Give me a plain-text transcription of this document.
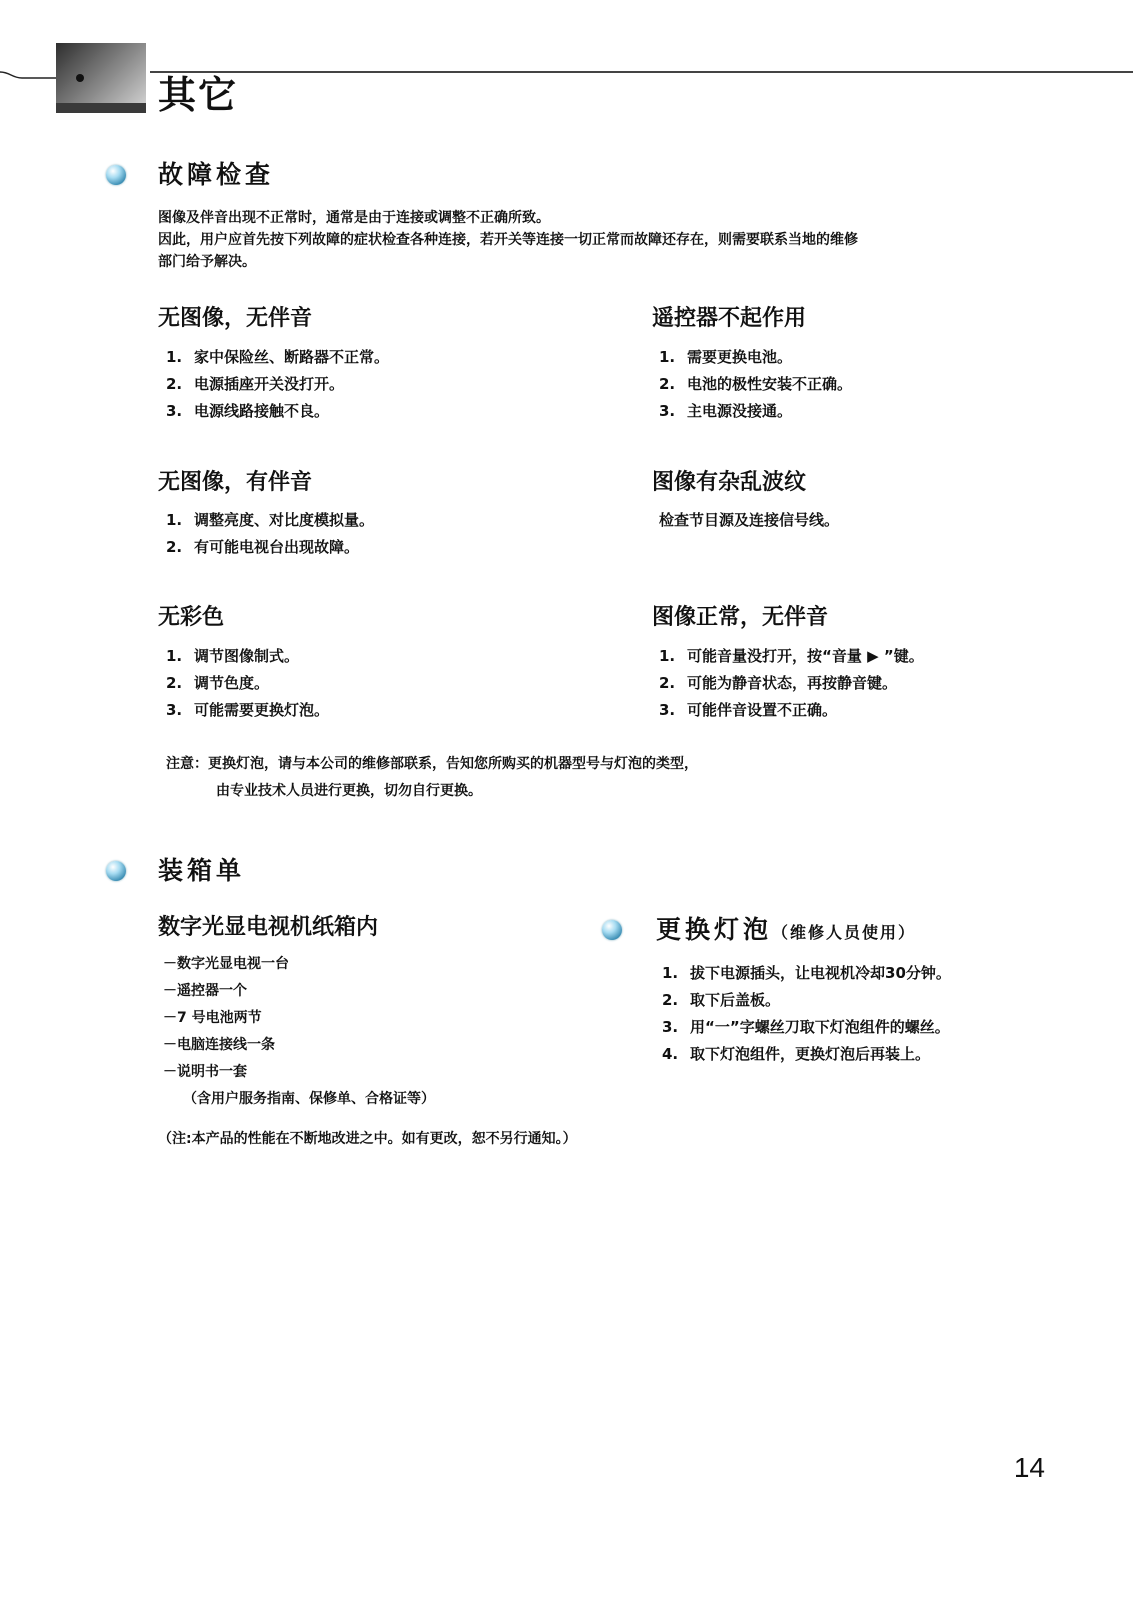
其它
故障检查
图像及伴音出现不正常时，通常是由于连接或调整不正确所致。
因此，用户应首先按下列故障的症状检查各种连接，若开关等连接一切正常而故障还存在，则需要联系当地的维修
部门给予解决。
无图像，无伴音
1. 家中保险丝、断路器不正常。
2. 电源插座开关没打开。
3. 电源线路接触不良。
遥控器不起作用
1. 需要更换电池。
2. 电池的极性安装不正确。
3. 主电源没接通。
无图像，有伴音
1. 调整亮度、对比度模拟量。
2. 有可能电视台出现故障。
图像有杂乱波纹
检查节目源及连接信号线。
无彩色
1. 调节图像制式。
2. 调节色度。
3. 可能需要更换灯泡。
图像正常，无伴音
1. 可能音量没打开，按“音量 ▶ ”键。
2. 可能为静音状态，再按静音键。
3. 可能伴音设置不正确。
注意：更换灯泡，请与本公司的维修部联系，告知您所购买的机器型号与灯泡的类型，
由专业技术人员进行更换，切勿自行更换。
装箱单
数字光显电视机纸箱内
－数字光显电视一台
－遥控器一个
－7 号电池两节
－电脑连接线一条
－说明书一套
（含用户服务指南、保修单、合格证等）
（注:本产品的性能在不断地改进之中。如有更改，恕不另行通知。）
更换灯泡（维修人员使用）
1. 拔下电源插头，让电视机冷却30分钟。
2. 取下后盖板。
3. 用“一”字螺丝刀取下灯泡组件的螺丝。
4. 取下灯泡组件，更换灯泡后再装上。
14
